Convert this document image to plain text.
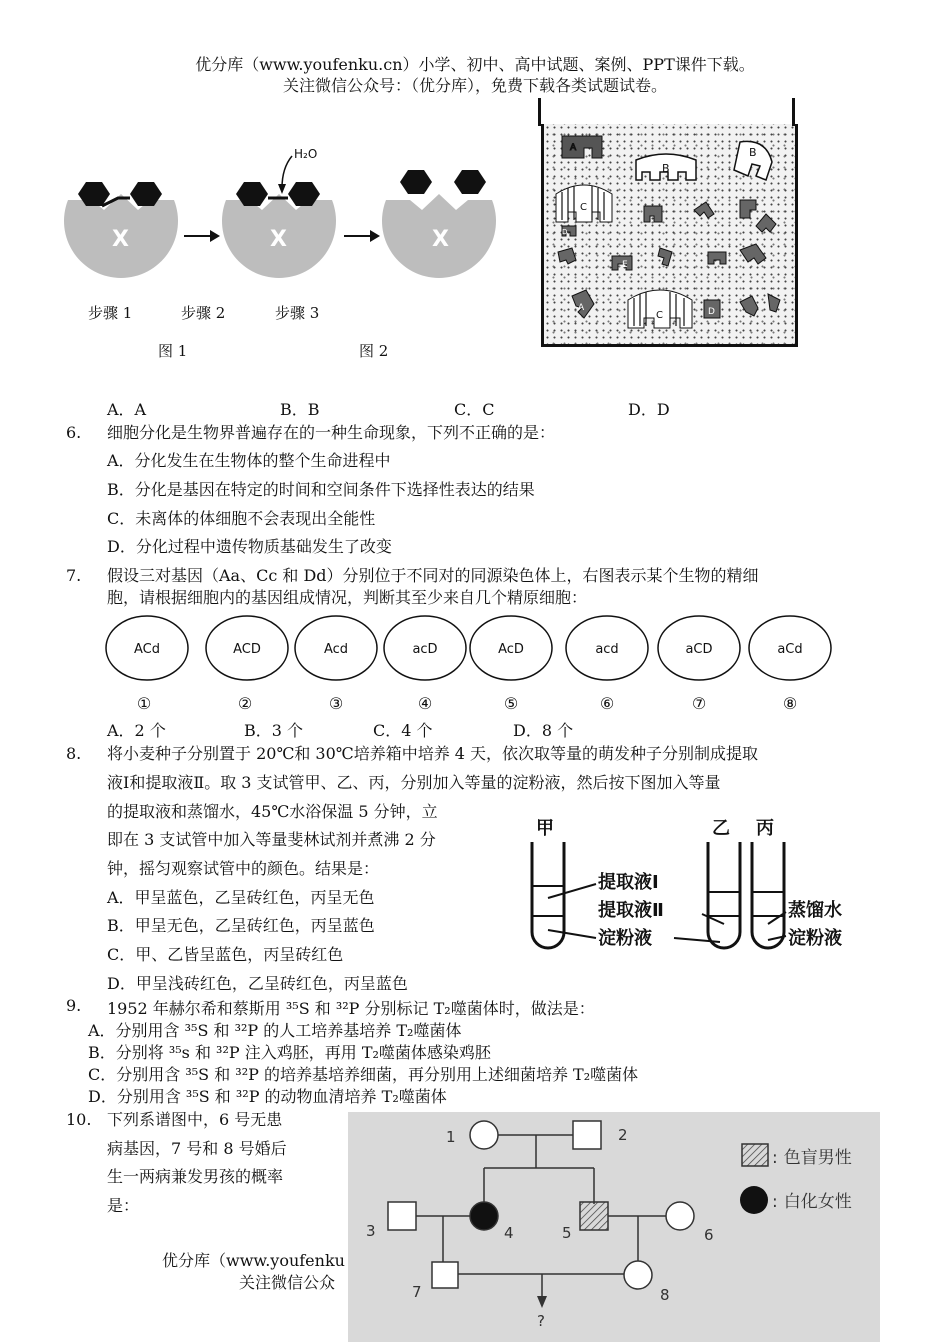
优分库（www.youfenku.cn）小学、初中、高中试题、案例、PPT课件下载。
关注微信公众号：（优分库），免费下载各类试题试卷。
X
H₂O
X	X
步骤 1	步骤 2	步骤 3
图 1	图 2
A
B
B
C
C
E
A	D
D
A．A	B．B	C．C	D．D
6. 细胞分化是生物界普遍存在的一种生命现象，下列不正确的是：
A．分化发生在生物体的整个生命进程中
B．分化是基因在特定的时间和空间条件下选择性表达的结果
C．未离体的体细胞不会表现出全能性
D．分化过程中遗传物质基础发生了改变
7. 假设三对基因（Aa、Cc 和 Dd）分别位于不同对的同源染色体上，右图表示某个生物的精细
胞，请根据细胞内的基因组成情况，判断其至少来自几个精原细胞：
ACd	ACD	Acd	acD	AcD	acd	aCD	aCd
①	②	③	④	⑤	⑥	⑦	⑧
A．2 个	B．3 个	C．4 个	D．8 个
8. 将小麦种子分别置于 20℃和 30℃培养箱中培养 4 天，依次取等量的萌发种子分别制成提取
液Ⅰ和提取液Ⅱ。取 3 支试管甲、乙、丙，分别加入等量的淀粉液，然后按下图加入等量
的提取液和蒸馏水，45℃水浴保温 5 分钟，立
即在 3 支试管中加入等量斐林试剂并煮沸 2 分
钟，摇匀观察试管中的颜色。结果是：
A．甲呈蓝色，乙呈砖红色，丙呈无色
B．甲呈无色，乙呈砖红色，丙呈蓝色
C．甲、乙皆呈蓝色，丙呈砖红色
D．甲呈浅砖红色，乙呈砖红色，丙呈蓝色
甲	乙 丙
提取液Ⅰ
提取液Ⅱ
淀粉液
蒸馏水
淀粉液
9. 1952 年赫尔希和蔡斯用 ³⁵S 和 ³²P 分别标记 T₂噬菌体时，做法是：
A．分别用含 ³⁵S 和 ³²P 的人工培养基培养 T₂噬菌体
B．分别将 ³⁵s 和 ³²P 注入鸡胚，再用 T₂噬菌体感染鸡胚
C．分别用含 ³⁵S 和 ³²P 的培养基培养细菌，再分别用上述细菌培养 T₂噬菌体
D．分别用含 ³⁵S 和 ³²P 的动物血清培养 T₂噬菌体
10. 下列系谱图中，6 号无患
病基因，7 号和 8 号婚后
生一两病兼发男孩的概率
是：
优分库（www.youfenku
关注微信公众
1	2
3	4	5	6
7	8
?
: 色盲男性
: 白化女性
